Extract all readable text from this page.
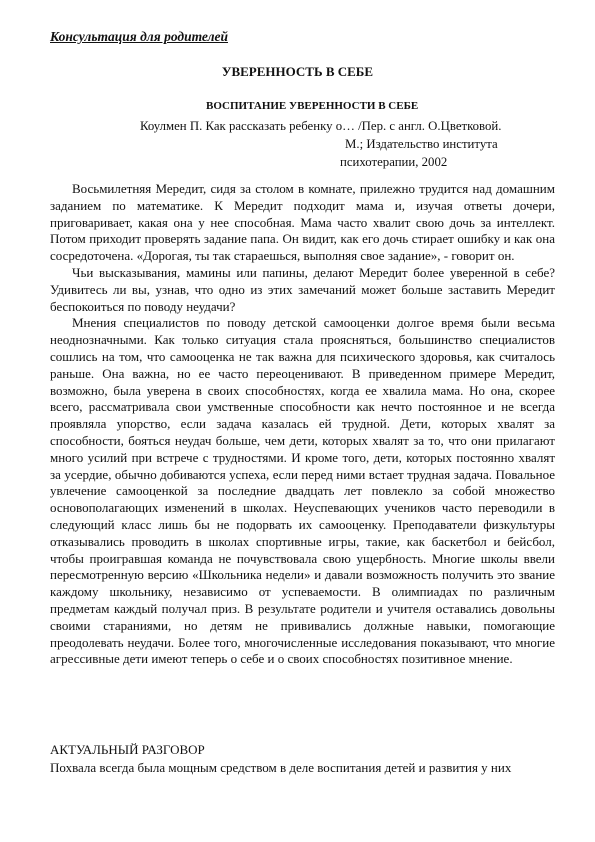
Консультация для родителей
УВЕРЕННОСТЬ В СЕБЕ
ВОСПИТАНИЕ УВЕРЕННОСТИ В СЕБЕ
Коулмен П. Как рассказать ребенку о… /Пер. с англ. О.Цветковой.
М.; Издательство института
психотерапии, 2002

Восьмилетняя Мередит, сидя за столом в комнате, прилежно трудится над домашним заданием по математике. К Мередит подходит мама и, изучая ответы дочери, приговаривает, какая она у нее способная. Мама часто хвалит свою дочь за интеллект. Потом приходит проверять задание папа. Он видит, как его дочь стирает ошибку и как она сосредоточена. «Дорогая, ты так стараешься, выполняя свое задание», - говорит он.

Чьи высказывания, мамины или папины, делают Мередит более уверенной в себе? Удивитесь ли вы, узнав, что одно из этих замечаний может больше заставить Мередит беспокоиться по поводу неудачи?

Мнения специалистов по поводу детской самооценки долгое время были весьма неоднозначными. Как только ситуация стала проясняться, большинство специалистов сошлись на том, что самооценка не так важна для психического здоровья, как считалось раньше. Она важна, но ее часто переоценивают. В приведенном примере Мередит, возможно, была уверена в своих способностях, когда ее хвалила мама. Но она, скорее всего, рассматривала свои умственные способности как нечто постоянное и не всегда проявляла упорство, если задача казалась ей трудной. Дети, которых хвалят за способности, бояться неудач больше, чем дети, которых хвалят за то, что они прилагают много усилий при встрече с трудностями. И кроме того, дети, которых постоянно хвалят за усердие, обычно добиваются успеха, если перед ними встает трудная задача. Повальное увлечение самооценкой за последние двадцать лет повлекло за собой множество основополагающих изменений в школах. Неуспевающих учеников часто переводили в следующий класс лишь бы не подорвать их самооценку. Преподаватели физкультуры отказывались проводить в школах спортивные игры, такие, как баскетбол и бейсбол, чтобы проигравшая команда не почувствовала свою ущербность. Многие школы ввели пересмотренную версию «Школьника недели» и давали возможность получить это звание каждому школьнику, независимо от успеваемости. В олимпиадах по различным предметам каждый получал приз. В результате родители и учителя оставались довольны своими стараниями, но детям не прививались должные навыки, помогающие преодолевать неудачи. Более того, многочисленные исследования показывают, что многие агрессивные дети имеют теперь о себе и о своих способностях позитивное мнение.

АКТУАЛЬНЫЙ РАЗГОВОР
Похвала всегда была мощным средством в деле воспитания детей и развития у них
